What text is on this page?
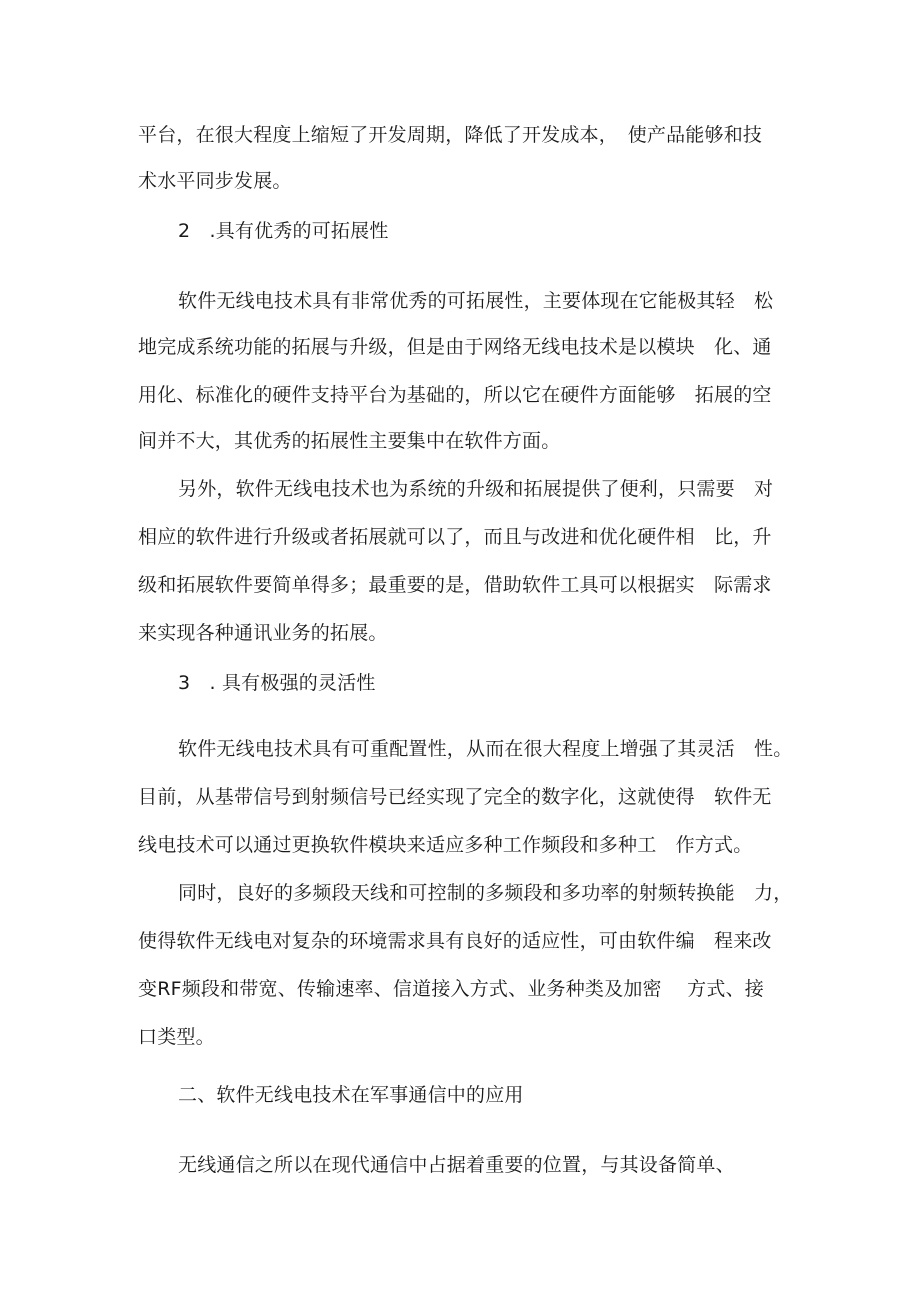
平台，在很大程度上缩短了开发周期，降低了开发成本，　使产品能够和技
术水平同步发展。
2　.具有优秀的可拓展性
软件无线电技术具有非常优秀的可拓展性，主要体现在它能极其轻　松
地完成系统功能的拓展与升级，但是由于网络无线电技术是以模块　化、通
用化、标准化的硬件支持平台为基础的，所以它在硬件方面能够　拓展的空
间并不大，其优秀的拓展性主要集中在软件方面。
另外，软件无线电技术也为系统的升级和拓展提供了便利，只需要　对
相应的软件进行升级或者拓展就可以了，而且与改进和优化硬件相　比，升
级和拓展软件要简单得多；最重要的是，借助软件工具可以根据实　际需求
来实现各种通讯业务的拓展。
3　. 具有极强的灵活性
软件无线电技术具有可重配置性，从而在很大程度上增强了其灵活　性。
目前，从基带信号到射频信号已经实现了完全的数字化，这就使得　软件无
线电技术可以通过更换软件模块来适应多种工作频段和多种工　作方式。
同时，良好的多频段天线和可控制的多频段和多功率的射频转换能　力，
使得软件无线电对复杂的环境需求具有良好的适应性，可由软件编　程来改
变RF频段和带宽、传输速率、信道接入方式、业务种类及加密　 方式、接
口类型。
二、软件无线电技术在军事通信中的应用
无线通信之所以在现代通信中占据着重要的位置，与其设备简单、
